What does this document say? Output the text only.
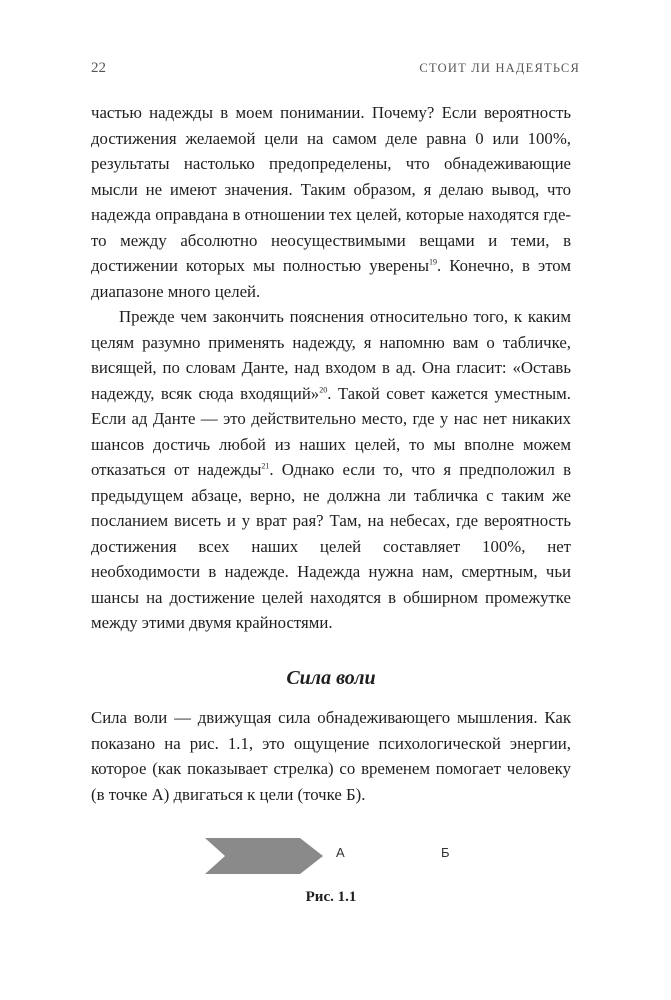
22	СТОИТ ЛИ НАДЕЯТЬСЯ

частью надежды в моем понимании. Почему? Если вероятность достижения желаемой цели на самом деле равна 0 или 100%, результаты настолько предопределены, что обнадеживающие мысли не имеют значения. Таким образом, я делаю вывод, что надежда оправдана в отношении тех целей, которые находятся где-то между абсолютно неосуществимыми вещами и теми, в достижении которых мы полностью уверены$^{19}$. Конечно, в этом диапазоне много целей.

Прежде чем закончить пояснения относительно того, к каким целям разумно применять надежду, я напомню вам о табличке, висящей, по словам Данте, над входом в ад. Она гласит: «Оставь надежду, всяк сюда входящий»$^{20}$. Такой совет кажется уместным. Если ад Данте — это действительно место, где у нас нет никаких шансов достичь любой из наших целей, то мы вполне можем отказаться от надежды$^{21}$. Однако если то, что я предположил в предыдущем абзаце, верно, не должна ли табличка с таким же посланием висеть и у врат рая? Там, на небесах, где вероятность достижения всех наших целей составляет 100%, нет необходимости в надежде. Надежда нужна нам, смертным, чьи шансы на достижение целей находятся в обширном промежутке между этими двумя крайностями.

Сила воли

Сила воли — движущая сила обнадеживающего мышления. Как показано на рис. 1.1, это ощущение психологической энергии, которое (как показывает стрелка) со временем помогает человеку (в точке А) двигаться к цели (точке Б).

А	Б
Рис. 1.1
